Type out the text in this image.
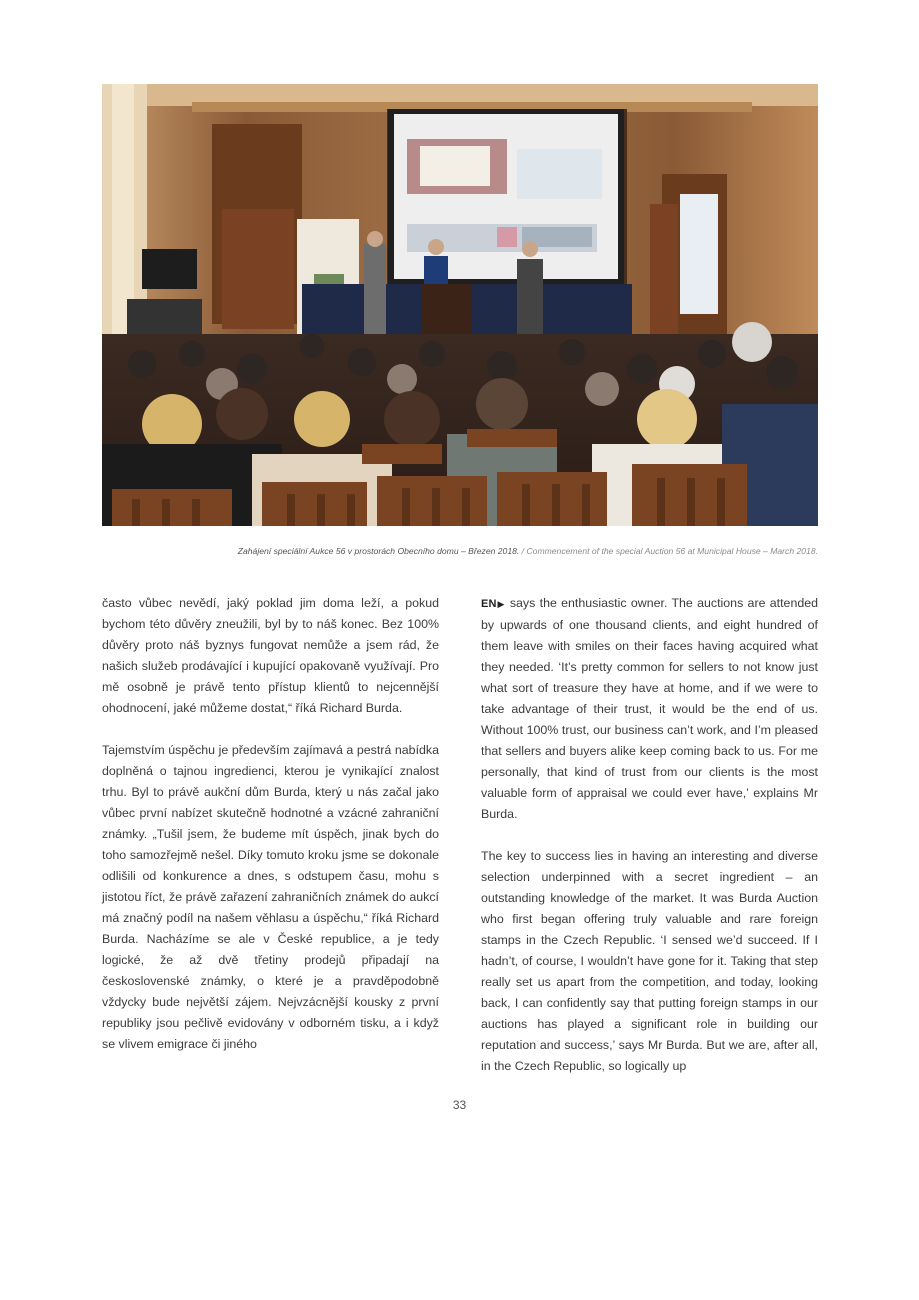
Zahájení speciální Aukce 56 v prostorách Obecního domu – Březen 2018. / Commencement of the special Auction 56 at Municipal House – March 2018.

často vůbec nevědí, jaký poklad jim doma leží, a pokud bychom této důvěry zneužili, byl by to náš konec. Bez 100% důvěry proto náš byznys fungovat nemůže a jsem rád, že našich služeb prodávající i kupující opakovaně využívají. Pro mě osobně je právě tento přístup klientů to nejcennější ohodnocení, jaké můžeme dostat,“ říká Richard Burda.

Tajemstvím úspěchu je především zajímavá a pestrá nabídka doplněná o tajnou ingredienci, kterou je vynikající znalost trhu. Byl to právě aukční dům Burda, který u nás začal jako vůbec první nabízet skutečně hodnotné a vzácné zahraniční známky. „Tušil jsem, že budeme mít úspěch, jinak bych do toho samozřejmě nešel. Díky tomuto kroku jsme se dokonale odlišili od konkurence a dnes, s odstupem času, mohu s jistotou říct, že právě zařazení zahraničních známek do aukcí má značný podíl na našem věhlasu a úspěchu,“ říká Richard Burda. Nacházíme se ale v České republice, a je tedy logické, že až dvě třetiny prodejů připadají na československé známky, o které je a pravděpodobně vždycky bude největší zájem. Nejvzácnější kousky z první republiky jsou pečlivě evidovány v odborném tisku, a i když se vlivem emigrace či jiného

EN▶ says the enthusiastic owner. The auctions are attended by upwards of one thousand clients, and eight hundred of them leave with smiles on their faces having acquired what they needed. ‘It’s pretty common for sellers to not know just what sort of treasure they have at home, and if we were to take advantage of their trust, it would be the end of us. Without 100% trust, our business can’t work, and I’m pleased that sellers and buyers alike keep coming back to us. For me personally, that kind of trust from our clients is the most valuable form of appraisal we could ever have,’ explains Mr Burda.

The key to success lies in having an interesting and diverse selection underpinned with a secret ingredient – an outstanding knowledge of the market. It was Burda Auction who first began offering truly valuable and rare foreign stamps in the Czech Republic. ‘I sensed we’d succeed. If I hadn’t, of course, I wouldn’t have gone for it. Taking that step really set us apart from the competition, and today, looking back, I can confidently say that putting foreign stamps in our auctions has played a significant role in building our reputation and success,’ says Mr Burda. But we are, after all, in the Czech Republic, so logically up

33
